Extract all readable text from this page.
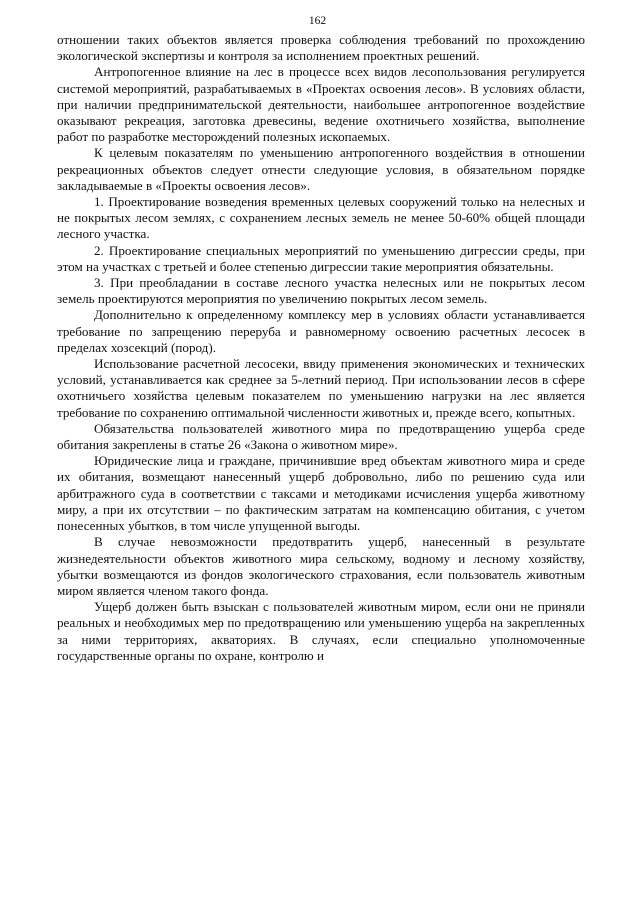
162

отношении таких объектов является проверка соблюдения требований по прохождению экологической экспертизы и контроля за исполнением проектных решений.

Антропогенное влияние на лес в процессе всех видов лесопользования регулируется системой мероприятий, разрабатываемых в «Проектах освоения лесов». В условиях области, при наличии предпринимательской деятельности, наибольшее антропогенное воздействие оказывают рекреация, заготовка древесины, ведение охотничьего хозяйства, выполнение работ по разработке месторождений полезных ископаемых.

К целевым показателям по уменьшению антропогенного воздействия в отношении рекреационных объектов следует отнести следующие условия, в обязательном порядке закладываемые в «Проекты освоения лесов».

1. Проектирование возведения временных целевых сооружений только на нелесных и не покрытых лесом землях, с сохранением лесных земель не менее 50-60% общей площади лесного участка.

2. Проектирование специальных мероприятий по уменьшению дигрессии среды, при этом на участках с третьей и более степенью дигрессии такие мероприятия обязательны.

3. При преобладании в составе лесного участка нелесных или не покрытых лесом земель проектируются мероприятия по увеличению покрытых лесом земель.

Дополнительно к определенному комплексу мер в условиях области устанавливается требование по запрещению переруба и равномерному освоению расчетных лесосек в пределах хозсекций (пород).

Использование расчетной лесосеки, ввиду применения экономических и технических условий, устанавливается как среднее за 5-летний период. При использовании лесов в сфере охотничьего хозяйства целевым показателем по уменьшению нагрузки на лес является требование по сохранению оптимальной численности животных и, прежде всего, копытных.

Обязательства пользователей животного мира по предотвращению ущерба среде обитания закреплены в статье 26 «Закона о животном мире».

Юридические лица и граждане, причинившие вред объектам животного мира и среде их обитания, возмещают нанесенный ущерб добровольно, либо по решению суда или арбитражного суда в соответствии с таксами и методиками исчисления ущерба животному миру, а при их отсутствии – по фактическим затратам на компенсацию обитания, с учетом понесенных убытков, в том числе упущенной выгоды.

В случае невозможности предотвратить ущерб, нанесенный в результате жизнедеятельности объектов животного мира сельскому, водному и лесному хозяйству, убытки возмещаются из фондов экологического страхования, если пользователь животным миром является членом такого фонда.

Ущерб должен быть взыскан с пользователей животным миром, если они не приняли реальных и необходимых мер по предотвращению или уменьшению ущерба на закрепленных за ними территориях, акваториях. В случаях, если специально уполномоченные государственные органы по охране, контролю и
